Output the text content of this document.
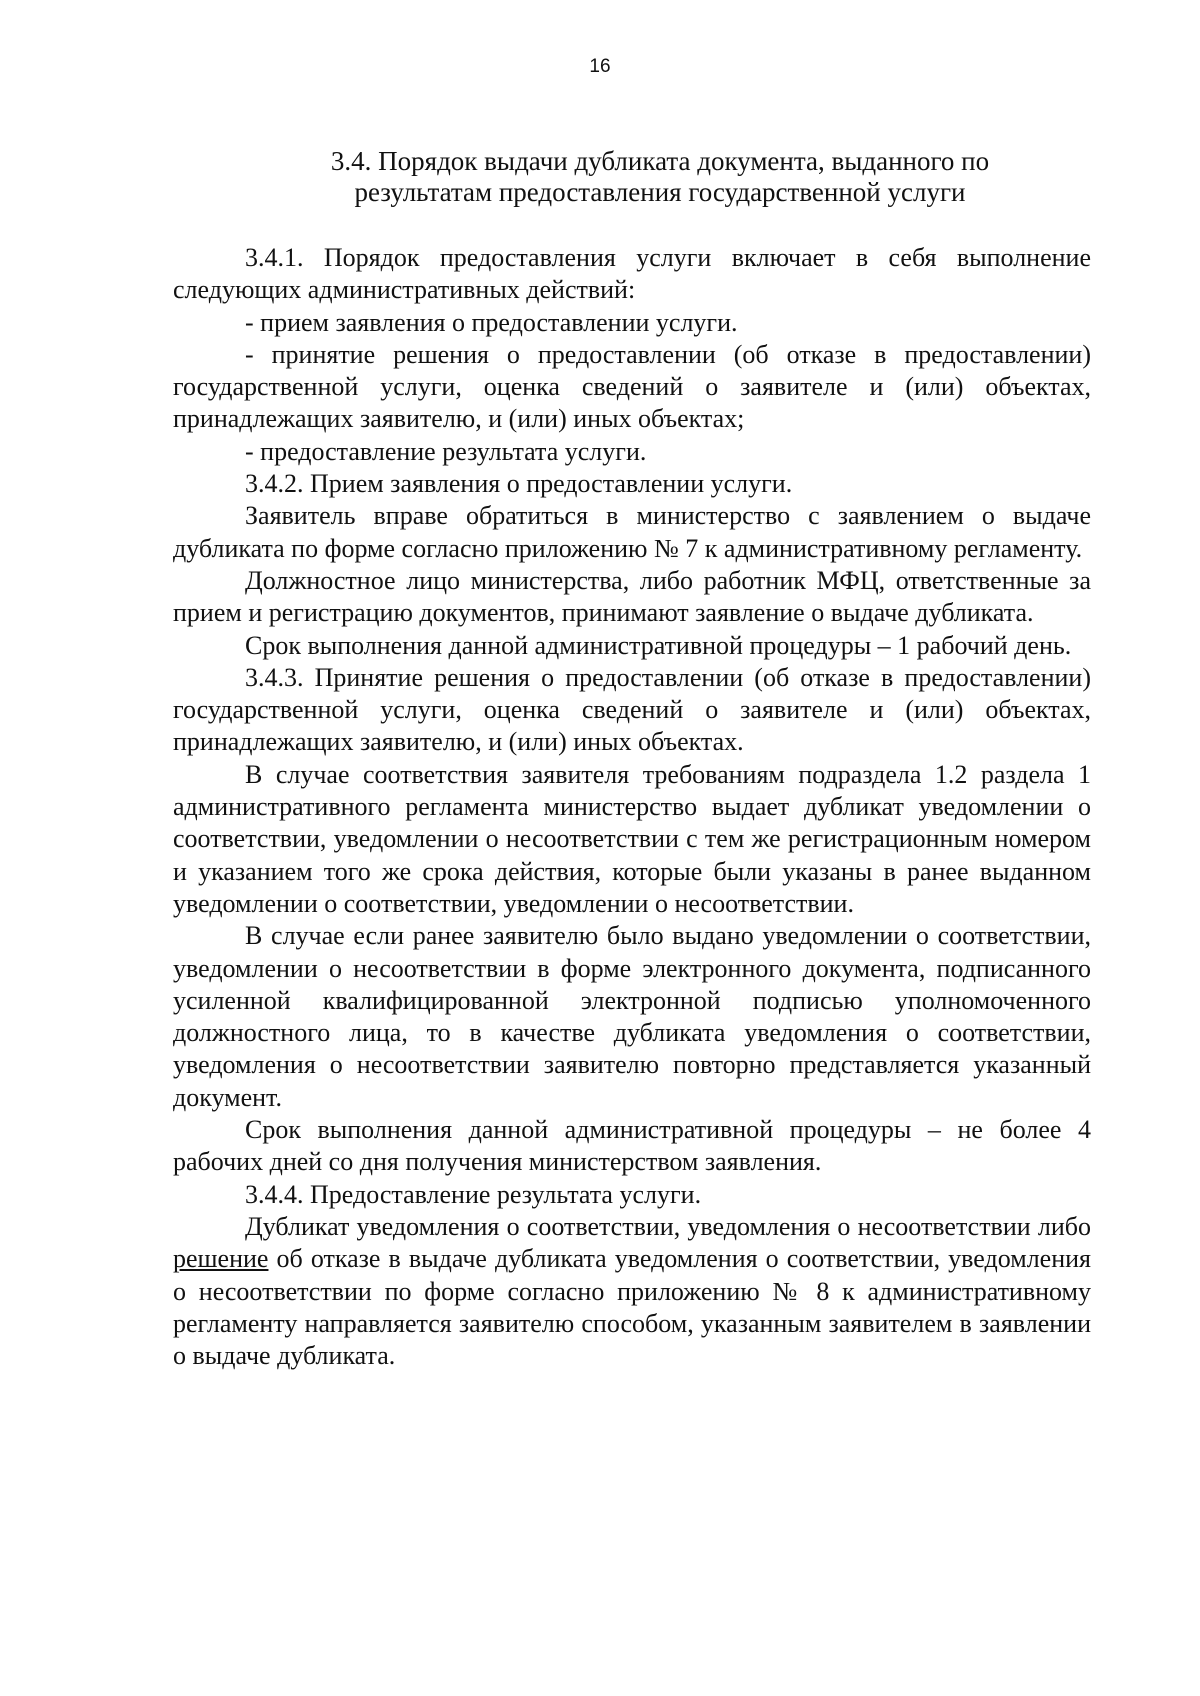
16
3.4. Порядок выдачи дубликата документа, выданного по
результатам предоставления государственной услуги

3.4.1. Порядок предоставления услуги включает в себя выполнение следующих административных действий:

- прием заявления о предоставлении услуги.

- принятие решения о предоставлении (об отказе в предоставлении) государственной услуги, оценка сведений о заявителе и (или) объектах, принадлежащих заявителю, и (или) иных объектах;

- предоставление результата услуги.

3.4.2. Прием заявления о предоставлении услуги.

Заявитель вправе обратиться в министерство с заявлением о выдаче дубликата по форме согласно приложению № 7 к административному регламенту.

Должностное лицо министерства, либо работник МФЦ, ответственные за прием и регистрацию документов, принимают заявление о выдаче дубликата.

Срок выполнения данной административной процедуры – 1 рабочий день.

3.4.3. Принятие решения о предоставлении (об отказе в предоставлении) государственной услуги, оценка сведений о заявителе и (или) объектах, принадлежащих заявителю, и (или) иных объектах.

В случае соответствия заявителя требованиям подраздела 1.2 раздела 1 административного регламента министерство выдает дубликат уведомлении о соответствии, уведомлении о несоответствии с тем же регистрационным номером и указанием того же срока действия, которые были указаны в ранее выданном уведомлении о соответствии, уведомлении о несоответствии.

В случае если ранее заявителю было выдано уведомлении о соответствии, уведомлении о несоответствии в форме электронного документа, подписанного усиленной квалифицированной электронной подписью уполномоченного должностного лица, то в качестве дубликата уведомления о соответствии, уведомления о несоответствии заявителю повторно представляется указанный документ.

Срок выполнения данной административной процедуры – не более 4 рабочих дней со дня получения министерством заявления.

3.4.4. Предоставление результата услуги.

Дубликат уведомления о соответствии, уведомления о несоответствии либо решение об отказе в выдаче дубликата уведомления о соответствии, уведомления о несоответствии по форме согласно приложению № 8 к административному регламенту направляется заявителю способом, указанным заявителем в заявлении о выдаче дубликата.
